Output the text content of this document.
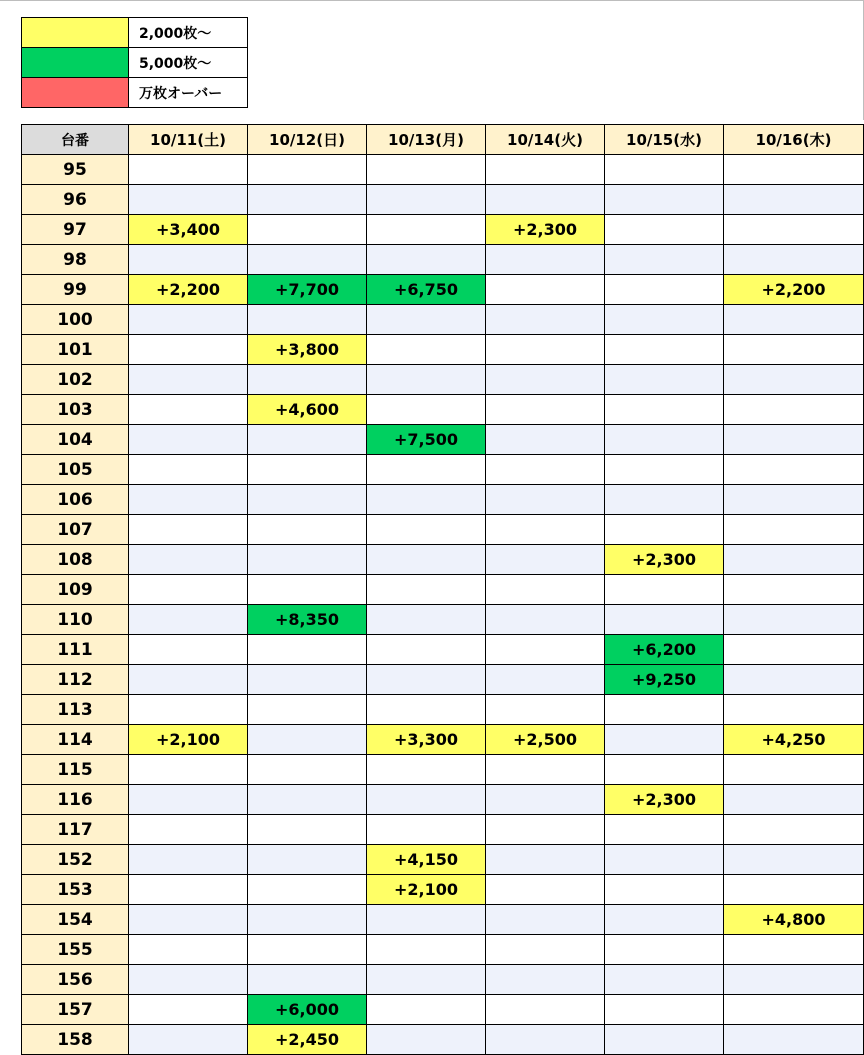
	2,000枚～
	5,000枚～
	万枚オーバー
台番	10/11(土)	10/12(日)	10/13(月)	10/14(火)	10/15(水)	10/16(木)
95						
96						
97	+3,400			+2,300		
98						
99	+2,200	+7,700	+6,750			+2,200
100						
101		+3,800				
102						
103		+4,600				
104			+7,500			
105						
106						
107						
108					+2,300	
109						
110		+8,350				
111					+6,200	
112					+9,250	
113						
114	+2,100		+3,300	+2,500		+4,250
115						
116					+2,300	
117						
152			+4,150			
153			+2,100			
154						+4,800
155						
156						
157		+6,000				
158		+2,450				
